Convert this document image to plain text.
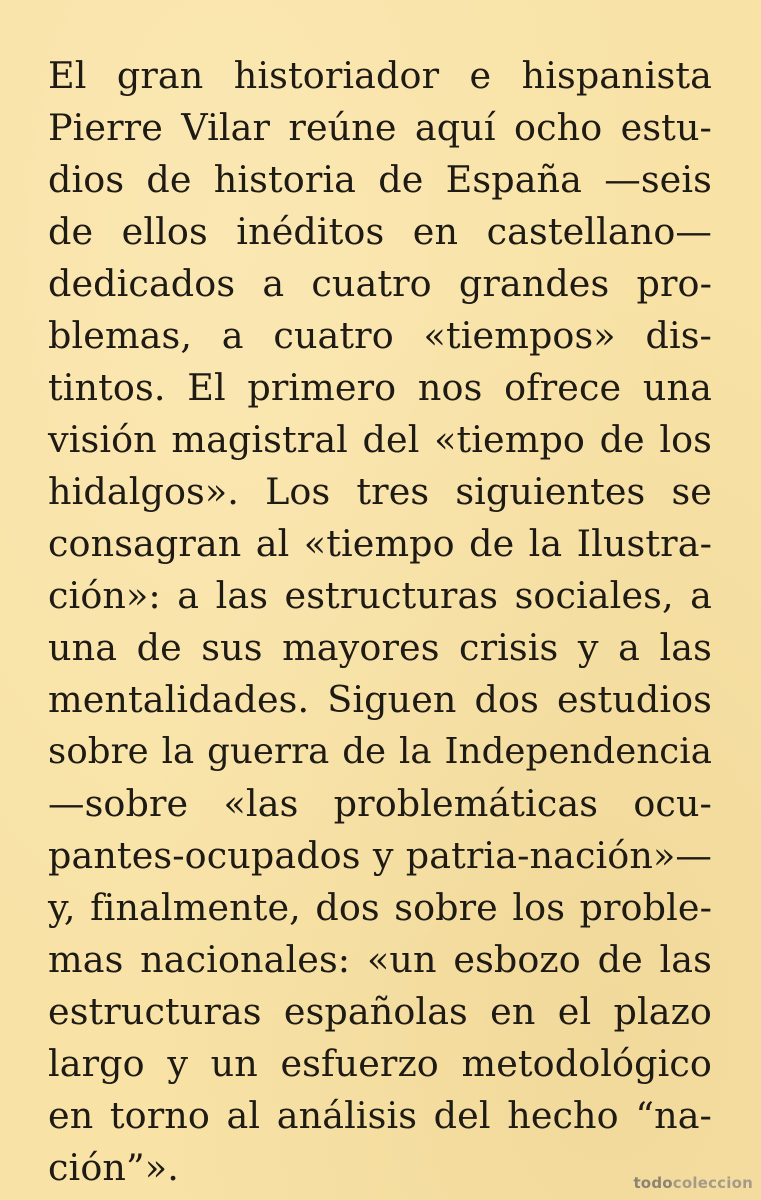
El gran historiador e hispanista
Pierre Vilar reúne aquí ocho estu-
dios de historia de España —seis
de ellos inéditos en castellano—
dedicados a cuatro grandes pro-
blemas, a cuatro «tiempos» dis-
tintos. El primero nos ofrece una
visión magistral del «tiempo de los
hidalgos». Los tres siguientes se
consagran al «tiempo de la Ilustra-
ción»: a las estructuras sociales, a
una de sus mayores crisis y a las
mentalidades. Siguen dos estudios
sobre la guerra de la Independencia
—sobre «las problemáticas ocu-
pantes-ocupados y patria-nación»—
y, finalmente, dos sobre los proble-
mas nacionales: «un esbozo de las
estructuras españolas en el plazo
largo y un esfuerzo metodológico
en torno al análisis del hecho “na-
ción”».	todocoleccion
